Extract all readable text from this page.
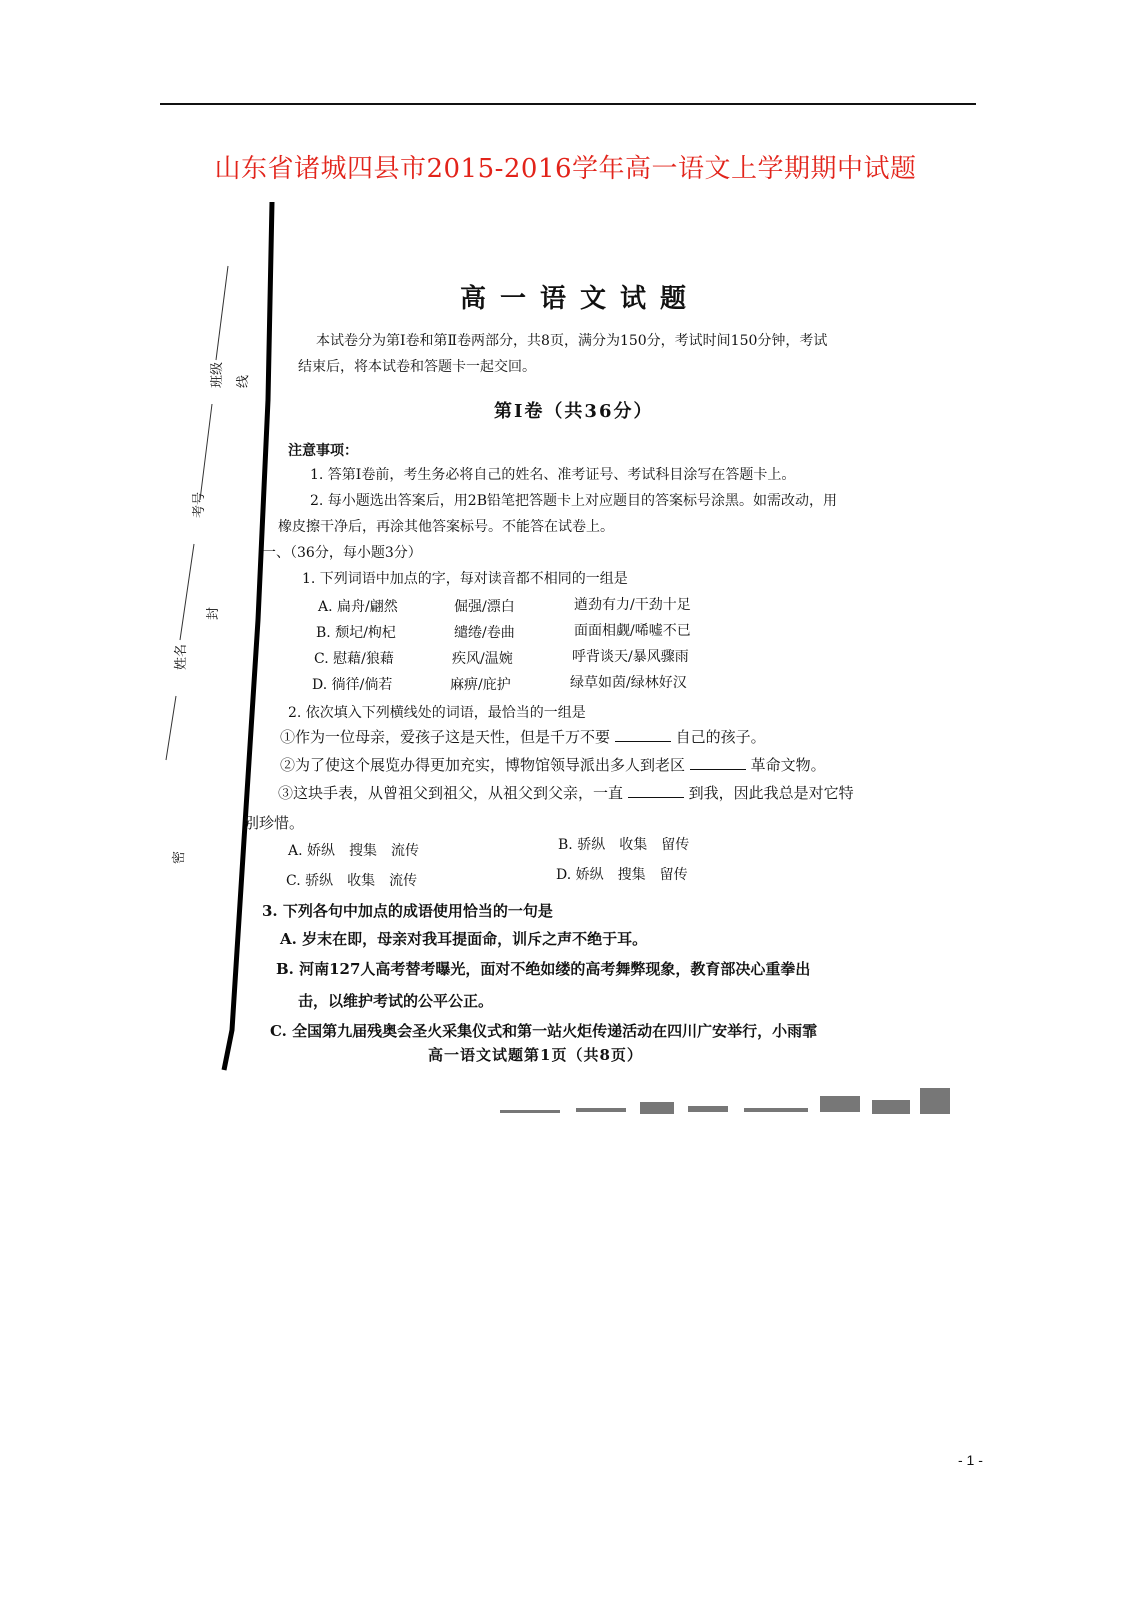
山东省诸城四县市2015-2016学年高一语文上学期期中试题
班级 线
考号
封
姓名
密
高一语文试题
本试卷分为第Ⅰ卷和第Ⅱ卷两部分，共8页，满分为150分，考试时间150分钟，考试
结束后，将本试卷和答题卡一起交回。
第Ⅰ卷（共36分）
注意事项：
1. 答第Ⅰ卷前，考生务必将自己的姓名、准考证号、考试科目涂写在答题卡上。
2. 每小题选出答案后，用2B铅笔把答题卡上对应题目的答案标号涂黑。如需改动，用
橡皮擦干净后，再涂其他答案标号。不能答在试卷上。
一、（36分，每小题3分）
1. 下列词语中加点的字，每对读音都不相同的一组是
A. 扁舟/翩然	倔强/漂白	遒劲有力/干劲十足
B. 颓圮/枸杞	缱绻/卷曲	面面相觑/唏嘘不已
C. 慰藉/狼藉	疾风/温婉	呼背谈天/暴风骤雨
D. 徜徉/倘若	麻痹/庇护	绿草如茵/绿林好汉
2. 依次填入下列横线处的词语，最恰当的一组是
①作为一位母亲，爱孩子这是天性，但是千万不要	自己的孩子。
②为了使这个展览办得更加充实，博物馆领导派出多人到老区	革命文物。
③这块手表，从曾祖父到祖父，从祖父到父亲，一直	到我，因此我总是对它特
别珍惜。
A. 娇纵　搜集　流传	B. 骄纵　收集　留传
C. 骄纵　收集　流传	D. 娇纵　搜集　留传
3. 下列各句中加点的成语使用恰当的一句是
A. 岁末在即，母亲对我耳提面命，训斥之声不绝于耳。
B. 河南127人高考替考曝光，面对不绝如缕的高考舞弊现象，教育部决心重拳出
击，以维护考试的公平公正。
C. 全国第九届残奥会圣火采集仪式和第一站火炬传递活动在四川广安举行，小雨霏
高一语文试题第1页（共8页）
- 1 -
